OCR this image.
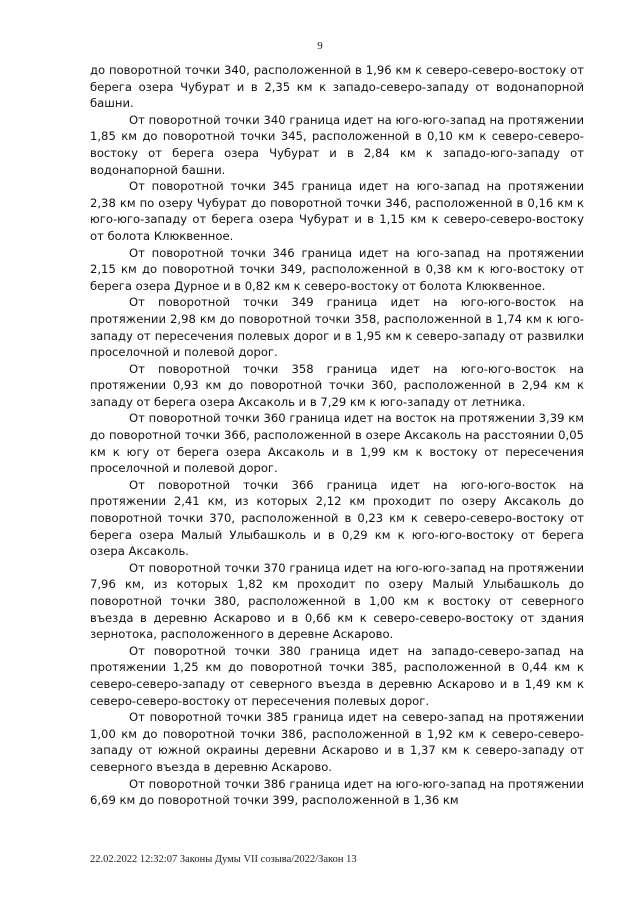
9

до поворотной точки 340, расположенной в 1,96 км к северо-северо-востоку от берега озера Чубурат и в 2,35 км к западо-северо-западу от водонапорной башни.

От поворотной точки 340 граница идет на юго-юго-запад на протяжении 1,85 км до поворотной точки 345, расположенной в 0,10 км к северо-северо-востоку от берега озера Чубурат и в 2,84 км к западо-юго-западу от водонапорной башни.

От поворотной точки 345 граница идет на юго-запад на протяжении 2,38 км по озеру Чубурат до поворотной точки 346, расположенной в 0,16 км к юго-юго-западу от берега озера Чубурат и в 1,15 км к северо-северо-востоку от болота Клюквенное.

От поворотной точки 346 граница идет на юго-запад на протяжении 2,15 км до поворотной точки 349, расположенной в 0,38 км к юго-востоку от берега озера Дурное и в 0,82 км к северо-востоку от болота Клюквенное.

От поворотной точки 349 граница идет на юго-юго-восток на протяжении 2,98 км до поворотной точки 358, расположенной в 1,74 км к юго-западу от пересечения полевых дорог и в 1,95 км к северо-западу от развилки проселочной и полевой дорог.

От поворотной точки 358 граница идет на юго-юго-восток на протяжении 0,93 км до поворотной точки 360, расположенной в 2,94 км к западу от берега озера Аксаколь и в 7,29 км к юго-западу от летника.

От поворотной точки 360 граница идет на восток на протяжении 3,39 км до поворотной точки 366, расположенной в озере Аксаколь на расстоянии 0,05 км к югу от берега озера Аксаколь и в 1,99 км к востоку от пересечения проселочной и полевой дорог.

От поворотной точки 366 граница идет на юго-юго-восток на протяжении 2,41 км, из которых 2,12 км проходит по озеру Аксаколь до поворотной точки 370, расположенной в 0,23 км к северо-северо-востоку от берега озера Малый Улыбашколь и в 0,29 км к юго-юго-востоку от берега озера Аксаколь.

От поворотной точки 370 граница идет на юго-юго-запад на протяжении 7,96 км, из которых 1,82 км проходит по озеру Малый Улыбашколь до поворотной точки 380, расположенной в 1,00 км к востоку от северного въезда в деревню Аскарово и в 0,66 км к северо-северо-востоку от здания зернотока, расположенного в деревне Аскарово.

От поворотной точки 380 граница идет на западо-северо-запад на протяжении 1,25 км до поворотной точки 385, расположенной в 0,44 км к северо-северо-западу от северного въезда в деревню Аскарово и в 1,49 км к северо-северо-востоку от пересечения полевых дорог.

От поворотной точки 385 граница идет на северо-запад на протяжении 1,00 км до поворотной точки 386, расположенной в 1,92 км к северо-северо-западу от южной окраины деревни Аскарово и в 1,37 км к северо-западу от северного въезда в деревню Аскарово.

От поворотной точки 386 граница идет на юго-юго-запад на протяжении 6,69 км до поворотной точки 399, расположенной в 1,36 км

22.02.2022 12:32:07 Законы Думы VII созыва/2022/Закон 13
